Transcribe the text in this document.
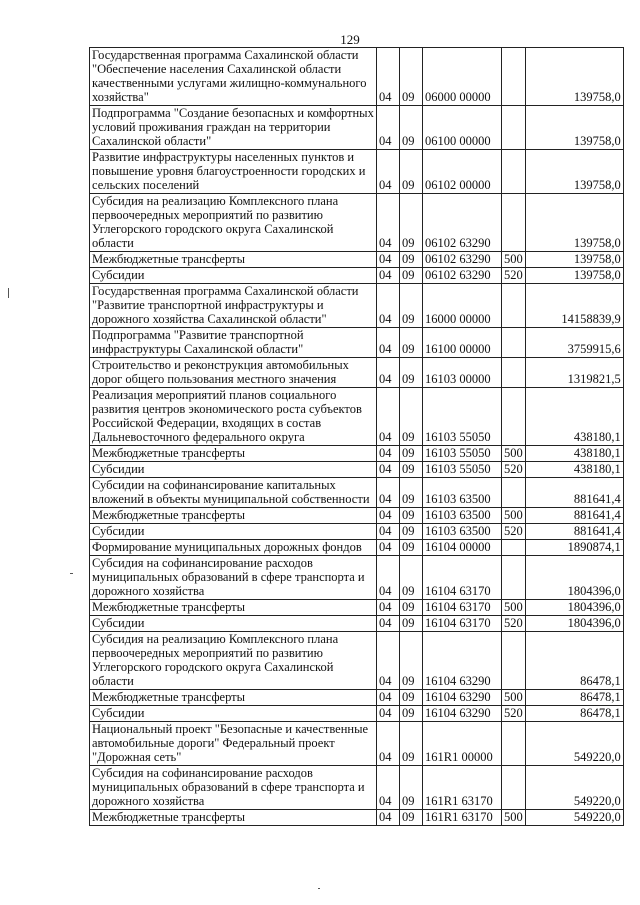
129
Государственная программа Сахалинской области "Обеспечение населения Сахалинской области качественными услугами жилищно-коммунального хозяйства"	04	09	06000 00000		139758,0
Подпрограмма "Создание безопасных и комфортных условий проживания граждан на территории Сахалинской области"	04	09	06100 00000		139758,0
Развитие инфраструктуры населенных пунктов и повышение уровня благоустроенности городских и сельских поселений	04	09	06102 00000		139758,0
Субсидия на реализацию Комплексного плана первоочередных мероприятий по развитию Углегорского городского округа Сахалинской области	04	09	06102 63290		139758,0
Межбюджетные трансферты	04	09	06102 63290	500	139758,0
Субсидии	04	09	06102 63290	520	139758,0
Государственная программа Сахалинской области "Развитие транспортной инфраструктуры и дорожного хозяйства Сахалинской области"	04	09	16000 00000		14158839,9
Подпрограмма "Развитие транспортной инфраструктуры Сахалинской области"	04	09	16100 00000		3759915,6
Строительство и реконструкция автомобильных дорог общего пользования местного значения	04	09	16103 00000		1319821,5
Реализация мероприятий планов социального развития центров экономического роста субъектов Российской Федерации, входящих в состав Дальневосточного федерального округа	04	09	16103 55050		438180,1
Межбюджетные трансферты	04	09	16103 55050	500	438180,1
Субсидии	04	09	16103 55050	520	438180,1
Субсидии на софинансирование капитальных вложений в объекты муниципальной собственности	04	09	16103 63500		881641,4
Межбюджетные трансферты	04	09	16103 63500	500	881641,4
Субсидии	04	09	16103 63500	520	881641,4
Формирование муниципальных дорожных фондов	04	09	16104 00000		1890874,1
Субсидия на софинансирование расходов муниципальных образований в сфере транспорта и дорожного хозяйства	04	09	16104 63170		1804396,0
Межбюджетные трансферты	04	09	16104 63170	500	1804396,0
Субсидии	04	09	16104 63170	520	1804396,0
Субсидия на реализацию Комплексного плана первоочередных мероприятий по развитию Углегорского городского округа Сахалинской области	04	09	16104 63290		86478,1
Межбюджетные трансферты	04	09	16104 63290	500	86478,1
Субсидии	04	09	16104 63290	520	86478,1
Национальный проект "Безопасные и качественные автомобильные дороги" Федеральный проект "Дорожная сеть"	04	09	161R1 00000		549220,0
Субсидия на софинансирование расходов муниципальных образований в сфере транспорта и дорожного хозяйства	04	09	161R1 63170		549220,0
Межбюджетные трансферты	04	09	161R1 63170	500	549220,0
